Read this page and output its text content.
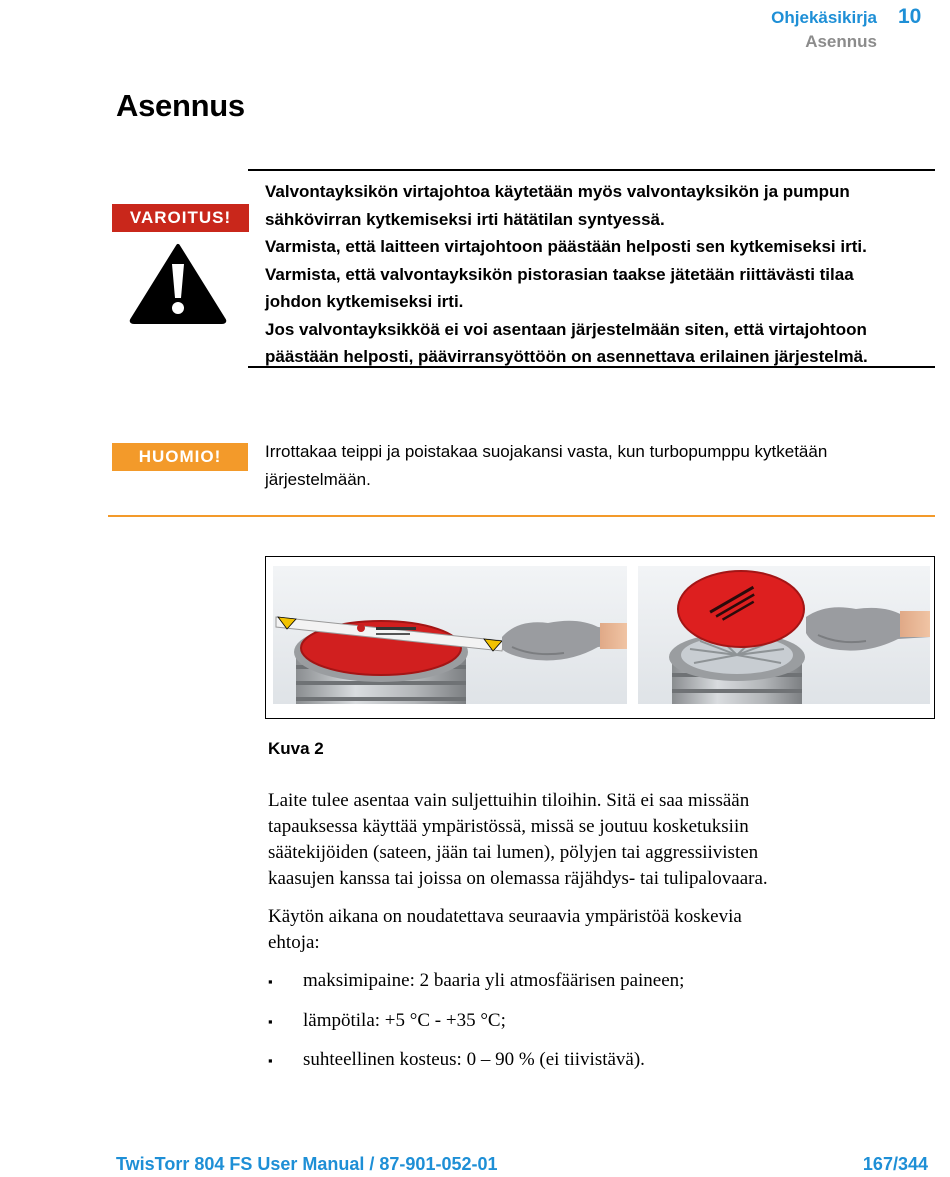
Ohjekäsikirja
Asennus
10
Asennus
VAROITUS!
Valvontayksikön virtajohtoa käytetään myös valvontayksikön ja pumpun
sähkövirran kytkemiseksi irti hätätilan syntyessä.
Varmista, että laitteen virtajohtoon päästään helposti sen kytkemiseksi irti.
Varmista, että valvontayksikön pistorasian taakse jätetään riittävästi tilaa
johdon kytkemiseksi irti.
Jos valvontayksikköä ei voi asentaan järjestelmään siten, että virtajohtoon
päästään helposti, päävirransyöttöön on asennettava erilainen järjestelmä.
HUOMIO!	Irrottakaa teippi ja poistakaa suojakansi vasta, kun turbopumppu kytketään
järjestelmään.
Kuva 2
Laite tulee asentaa vain suljettuihin tiloihin. Sitä ei saa missään
tapauksessa käyttää ympäristössä, missä se joutuu kosketuksiin
säätekijöiden (sateen, jään tai lumen), pölyjen tai aggressiivisten
kaasujen kanssa tai joissa on olemassa räjähdys- tai tulipalovaara.
Käytön aikana on noudatettava seuraavia ympäristöä koskevia
ehtoja:
▪ maksimipaine: 2 baaria yli atmosfäärisen paineen;
▪ lämpötila: +5 °C - +35 °C;
▪ suhteellinen kosteus: 0 – 90 % (ei tiivistävä).
TwisTorr 804 FS User Manual / 87-901-052-01	167/344
